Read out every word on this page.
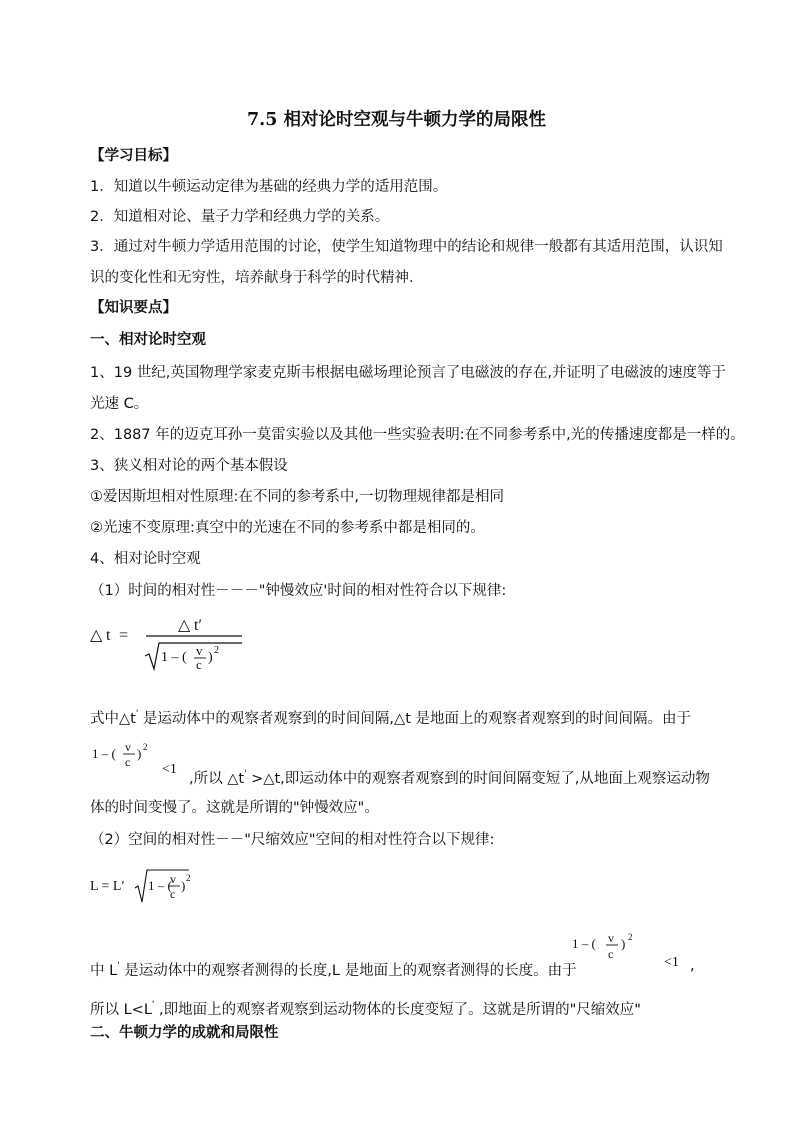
7.5 相对论时空观与牛顿力学的局限性
【学习目标】
1．知道以牛顿运动定律为基础的经典力学的适用范围。
2．知道相对论、量子力学和经典力学的关系。
3．通过对牛顿力学适用范围的讨论，使学生知道物理中的结论和规律一般都有其适用范围，认识知
识的变化性和无穷性，培养献身于科学的时代精神．
【知识要点】
一、相对论时空观
1、19 世纪,英国物理学家麦克斯韦根据电磁场理论预言了电磁波的存在,并证明了电磁波的速度等于
光速 C。
2、1887 年的迈克耳孙一莫雷实验以及其他一些实验表明:在不同参考系中,光的传播速度都是一样的。
3、狭义相对论的两个基本假设
①爱因斯坦相对性原理:在不同的参考系中,一切物理规律都是相同
②光速不变原理:真空中的光速在不同的参考系中都是相同的。
4、相对论时空观
（1）时间的相对性－－－"钟慢效应'时间的相对性符合以下规律:
△ t =
△ t′
1 – ( v
c ) 2
式中△t' 是运动体中的观察者观察到的时间间隔,△t 是地面上的观察者观察到的时间间隔。由于
1 – ( v
c
) 2
<1
,所以 △t' >△t,即运动体中的观察者观察到的时间间隔变短了,从地面上观察运动物
体的时间变慢了。这就是所谓的"钟慢效应"。
（2）空间的相对性－－"尺缩效应"空间的相对性符合以下规律:
L = L′ 1 – (
v
c
) 2
中 L' 是运动体中的观察者测得的长度,L 是地面上的观察者测得的长度。由于
1 – ( v
c
) 2
<1 ,
所以 L<L' ,即地面上的观察者观察到运动物体的长度变短了。这就是所谓的"尺缩效应"
二、牛顿力学的成就和局限性
